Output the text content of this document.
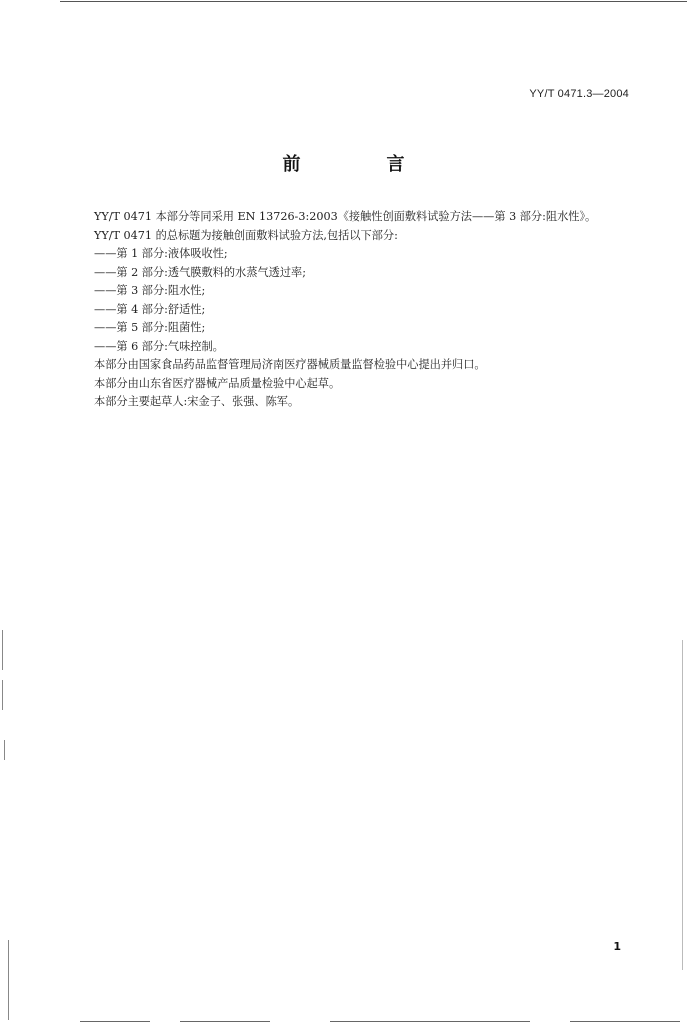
YY/T 0471.3—2004
前　言
YY/T 0471 本部分等同采用 EN 13726-3:2003《接触性创面敷料试验方法——第 3 部分:阻水性》。
YY/T 0471 的总标题为接触创面敷料试验方法,包括以下部分:
——第 1 部分:液体吸收性;
——第 2 部分:透气膜敷料的水蒸气透过率;
——第 3 部分:阻水性;
——第 4 部分:舒适性;
——第 5 部分:阻菌性;
——第 6 部分:气味控制。
本部分由国家食品药品监督管理局济南医疗器械质量监督检验中心提出并归口。
本部分由山东省医疗器械产品质量检验中心起草。
本部分主要起草人:宋金子、张强、陈军。
1
